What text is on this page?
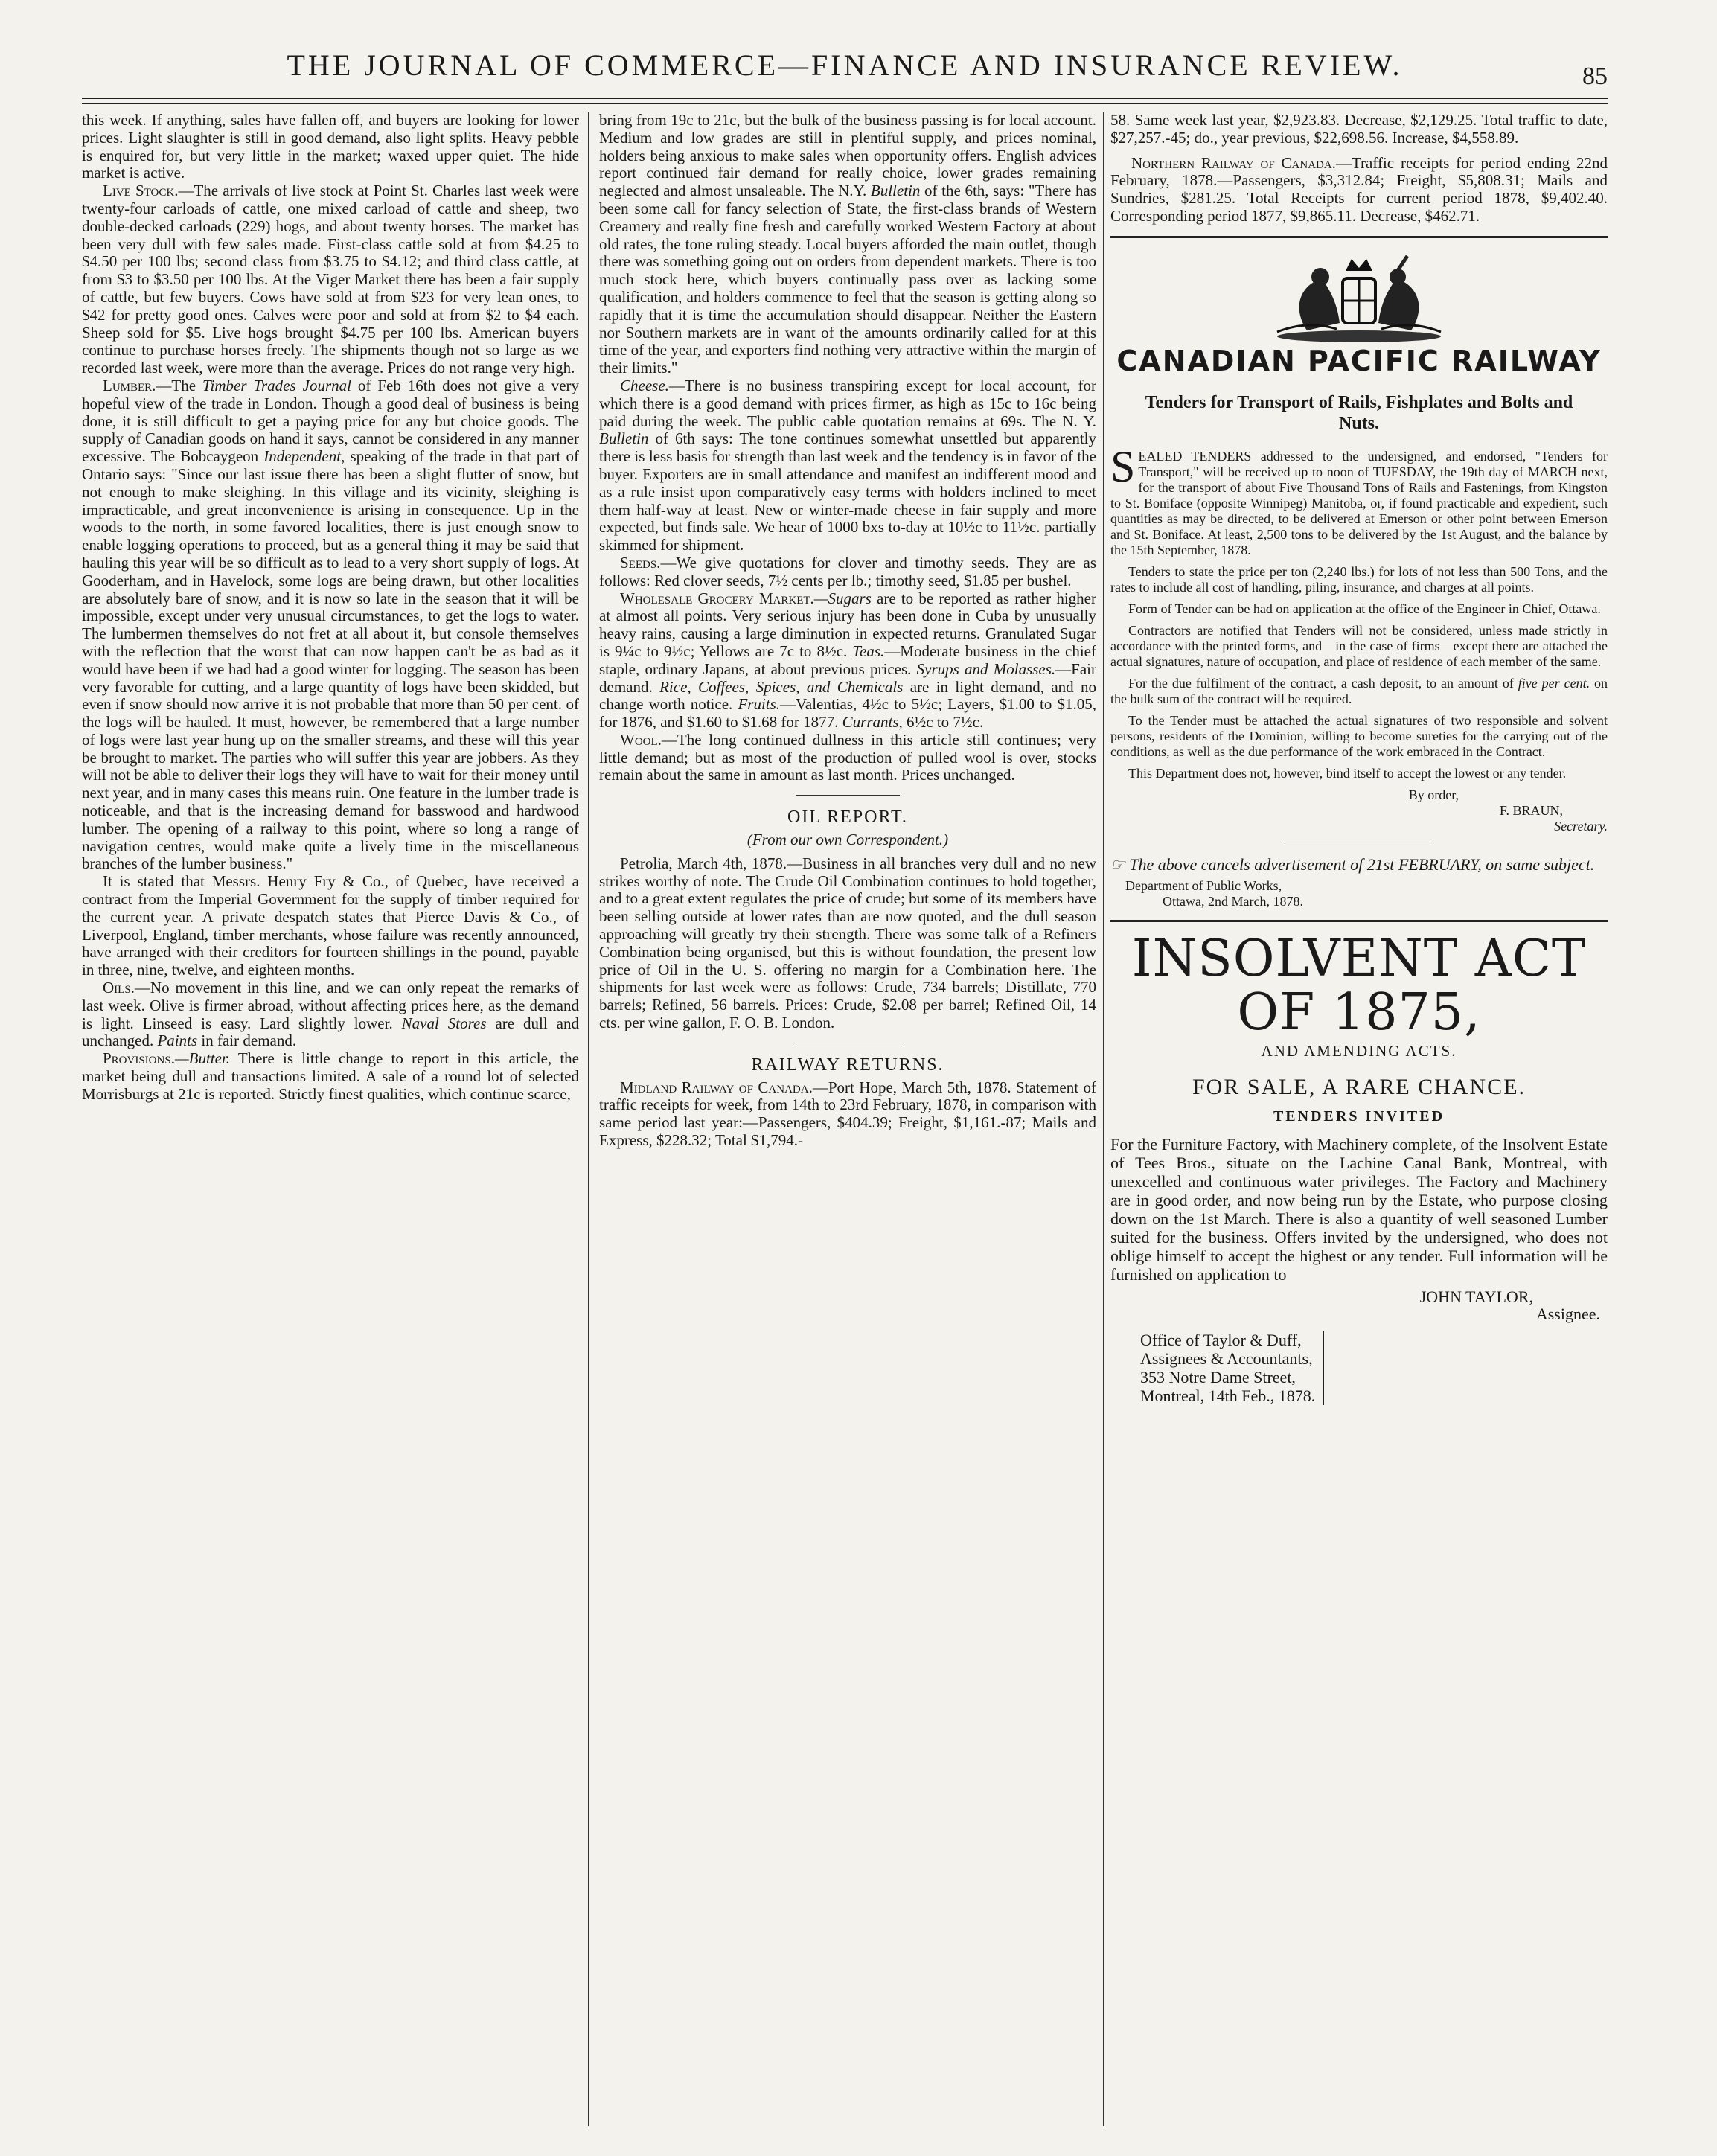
THE JOURNAL OF COMMERCE—FINANCE AND INSURANCE REVIEW.	85

this week. If anything, sales have fallen off, and buyers are looking for lower prices. Light slaughter is still in good demand, also light splits. Heavy pebble is enquired for, but very little in the market; waxed upper quiet. The hide market is active.

Live Stock.—The arrivals of live stock at Point St. Charles last week were twenty-four carloads of cattle, one mixed carload of cattle and sheep, two double-decked carloads (229) hogs, and about twenty horses. The market has been very dull with few sales made. First-class cattle sold at from $4.25 to $4.50 per 100 lbs; second class from $3.75 to $4.12; and third class cattle, at from $3 to $3.50 per 100 lbs. At the Viger Market there has been a fair supply of cattle, but few buyers. Cows have sold at from $23 for very lean ones, to $42 for pretty good ones. Calves were poor and sold at from $2 to $4 each. Sheep sold for $5. Live hogs brought $4.75 per 100 lbs. American buyers continue to purchase horses freely. The shipments though not so large as we recorded last week, were more than the average. Prices do not range very high.

Lumber.—The Timber Trades Journal of Feb 16th does not give a very hopeful view of the trade in London. Though a good deal of business is being done, it is still difficult to get a paying price for any but choice goods. The supply of Canadian goods on hand it says, cannot be considered in any manner excessive. The Bobcaygeon Independent, speaking of the trade in that part of Ontario says: "Since our last issue there has been a slight flutter of snow, but not enough to make sleighing. In this village and its vicinity, sleighing is impracticable, and great inconvenience is arising in consequence. Up in the woods to the north, in some favored localities, there is just enough snow to enable logging operations to proceed, but as a general thing it may be said that hauling this year will be so difficult as to lead to a very short supply of logs. At Gooderham, and in Havelock, some logs are being drawn, but other localities are absolutely bare of snow, and it is now so late in the season that it will be impossible, except under very unusual circumstances, to get the logs to water. The lumbermen themselves do not fret at all about it, but console themselves with the reflection that the worst that can now happen can't be as bad as it would have been if we had had a good winter for logging. The season has been very favorable for cutting, and a large quantity of logs have been skidded, but even if snow should now arrive it is not probable that more than 50 per cent. of the logs will be hauled. It must, however, be remembered that a large number of logs were last year hung up on the smaller streams, and these will this year be brought to market. The parties who will suffer this year are jobbers. As they will not be able to deliver their logs they will have to wait for their money until next year, and in many cases this means ruin. One feature in the lumber trade is noticeable, and that is the increasing demand for basswood and hardwood lumber. The opening of a railway to this point, where so long a range of navigation centres, would make quite a lively time in the miscellaneous branches of the lumber business."

It is stated that Messrs. Henry Fry & Co., of Quebec, have received a contract from the Imperial Government for the supply of timber required for the current year. A private despatch states that Pierce Davis & Co., of Liverpool, England, timber merchants, whose failure was recently announced, have arranged with their creditors for fourteen shillings in the pound, payable in three, nine, twelve, and eighteen months.

Oils.—No movement in this line, and we can only repeat the remarks of last week. Olive is firmer abroad, without affecting prices here, as the demand is light. Linseed is easy. Lard slightly lower. Naval Stores are dull and unchanged. Paints in fair demand.

Provisions.—Butter. There is little change to report in this article, the market being dull and transactions limited. A sale of a round lot of selected Morrisburgs at 21c is reported. Strictly finest qualities, which continue scarce,

bring from 19c to 21c, but the bulk of the business passing is for local account. Medium and low grades are still in plentiful supply, and prices nominal, holders being anxious to make sales when opportunity offers. English advices report continued fair demand for really choice, lower grades remaining neglected and almost unsaleable. The N.Y. Bulletin of the 6th, says: "There has been some call for fancy selection of State, the first-class brands of Western Creamery and really fine fresh and carefully worked Western Factory at about old rates, the tone ruling steady. Local buyers afforded the main outlet, though there was something going out on orders from dependent markets. There is too much stock here, which buyers continually pass over as lacking some qualification, and holders commence to feel that the season is getting along so rapidly that it is time the accumulation should disappear. Neither the Eastern nor Southern markets are in want of the amounts ordinarily called for at this time of the year, and exporters find nothing very attractive within the margin of their limits."

Cheese.—There is no business transpiring except for local account, for which there is a good demand with prices firmer, as high as 15c to 16c being paid during the week. The public cable quotation remains at 69s. The N. Y. Bulletin of 6th says: The tone continues somewhat unsettled but apparently there is less basis for strength than last week and the tendency is in favor of the buyer. Exporters are in small attendance and manifest an indifferent mood and as a rule insist upon comparatively easy terms with holders inclined to meet them half-way at least. New or winter-made cheese in fair supply and more expected, but finds sale. We hear of 1000 bxs to-day at 10½c to 11½c. partially skimmed for shipment.

Seeds.—We give quotations for clover and timothy seeds. They are as follows: Red clover seeds, 7½ cents per lb.; timothy seed, $1.85 per bushel.

Wholesale Grocery Market.—Sugars are to be reported as rather higher at almost all points. Very serious injury has been done in Cuba by unusually heavy rains, causing a large diminution in expected returns. Granulated Sugar is 9¼c to 9½c; Yellows are 7c to 8½c. Teas.—Moderate business in the chief staple, ordinary Japans, at about previous prices. Syrups and Molasses.—Fair demand. Rice, Coffees, Spices, and Chemicals are in light demand, and no change worth notice. Fruits.—Valentias, 4½c to 5½c; Layers, $1.00 to $1.05, for 1876, and $1.60 to $1.68 for 1877. Currants, 6½c to 7½c.

Wool.—The long continued dullness in this article still continues; very little demand; but as most of the production of pulled wool is over, stocks remain about the same in amount as last month. Prices unchanged.

OIL REPORT.
(From our own Correspondent.)

Petrolia, March 4th, 1878.—Business in all branches very dull and no new strikes worthy of note. The Crude Oil Combination continues to hold together, and to a great extent regulates the price of crude; but some of its members have been selling outside at lower rates than are now quoted, and the dull season approaching will greatly try their strength. There was some talk of a Refiners Combination being organised, but this is without foundation, the present low price of Oil in the U. S. offering no margin for a Combination here. The shipments for last week were as follows: Crude, 734 barrels; Distillate, 770 barrels; Refined, 56 barrels. Prices: Crude, $2.08 per barrel; Refined Oil, 14 cts. per wine gallon, F. O. B. London.

RAILWAY RETURNS.

Midland Railway of Canada.—Port Hope, March 5th, 1878. Statement of traffic receipts for week, from 14th to 23rd February, 1878, in comparison with same period last year:—Passengers, $404.39; Freight, $1,161.-87; Mails and Express, $228.32; Total $1,794.-

58. Same week last year, $2,923.83. Decrease, $2,129.25. Total traffic to date, $27,257.-45; do., year previous, $22,698.56. Increase, $4,558.89.

Northern Railway of Canada.—Traffic receipts for period ending 22nd February, 1878.—Passengers, $3,312.84; Freight, $5,808.31; Mails and Sundries, $281.25. Total Receipts for current period 1878, $9,402.40. Corresponding period 1877, $9,865.11. Decrease, $462.71.

CANADIAN PACIFIC RAILWAY
Tenders for Transport of Rails, Fishplates and Bolts and Nuts.

SEALED TENDERS addressed to the undersigned, and endorsed, "Tenders for Transport," will be received up to noon of TUESDAY, the 19th day of MARCH next, for the transport of about Five Thousand Tons of Rails and Fastenings, from Kingston to St. Boniface (opposite Winnipeg) Manitoba, or, if found practicable and expedient, such quantities as may be directed, to be delivered at Emerson or other point between Emerson and St. Boniface. At least, 2,500 tons to be delivered by the 1st August, and the balance by the 15th September, 1878.

Tenders to state the price per ton (2,240 lbs.) for lots of not less than 500 Tons, and the rates to include all cost of handling, piling, insurance, and charges at all points.

Form of Tender can be had on application at the office of the Engineer in Chief, Ottawa.

Contractors are notified that Tenders will not be considered, unless made strictly in accordance with the printed forms, and—in the case of firms—except there are attached the actual signatures, nature of occupation, and place of residence of each member of the same.

For the due fulfilment of the contract, a cash deposit, to an amount of five per cent. on the bulk sum of the contract will be required.

To the Tender must be attached the actual signatures of two responsible and solvent persons, residents of the Dominion, willing to become sureties for the carrying out of the conditions, as well as the due performance of the work embraced in the Contract.

This Department does not, however, bind itself to accept the lowest or any tender.

By order,

F. BRAUN,

Secretary.

☞ The above cancels advertisement of 21st FEBRUARY, on same subject.

Department of Public Works,

Ottawa, 2nd March, 1878.

INSOLVENT ACT OF 1875,
AND AMENDING ACTS.
FOR SALE, A RARE CHANCE.
TENDERS INVITED

For the Furniture Factory, with Machinery complete, of the Insolvent Estate of Tees Bros., situate on the Lachine Canal Bank, Montreal, with unexcelled and continuous water privileges. The Factory and Machinery are in good order, and now being run by the Estate, who purpose closing down on the 1st March. There is also a quantity of well seasoned Lumber suited for the business. Offers invited by the undersigned, who does not oblige himself to accept the highest or any tender. Full information will be furnished on application to

JOHN TAYLOR,

Assignee.

Office of Taylor & Duff,
Assignees & Accountants,
353 Notre Dame Street,
Montreal, 14th Feb., 1878.
